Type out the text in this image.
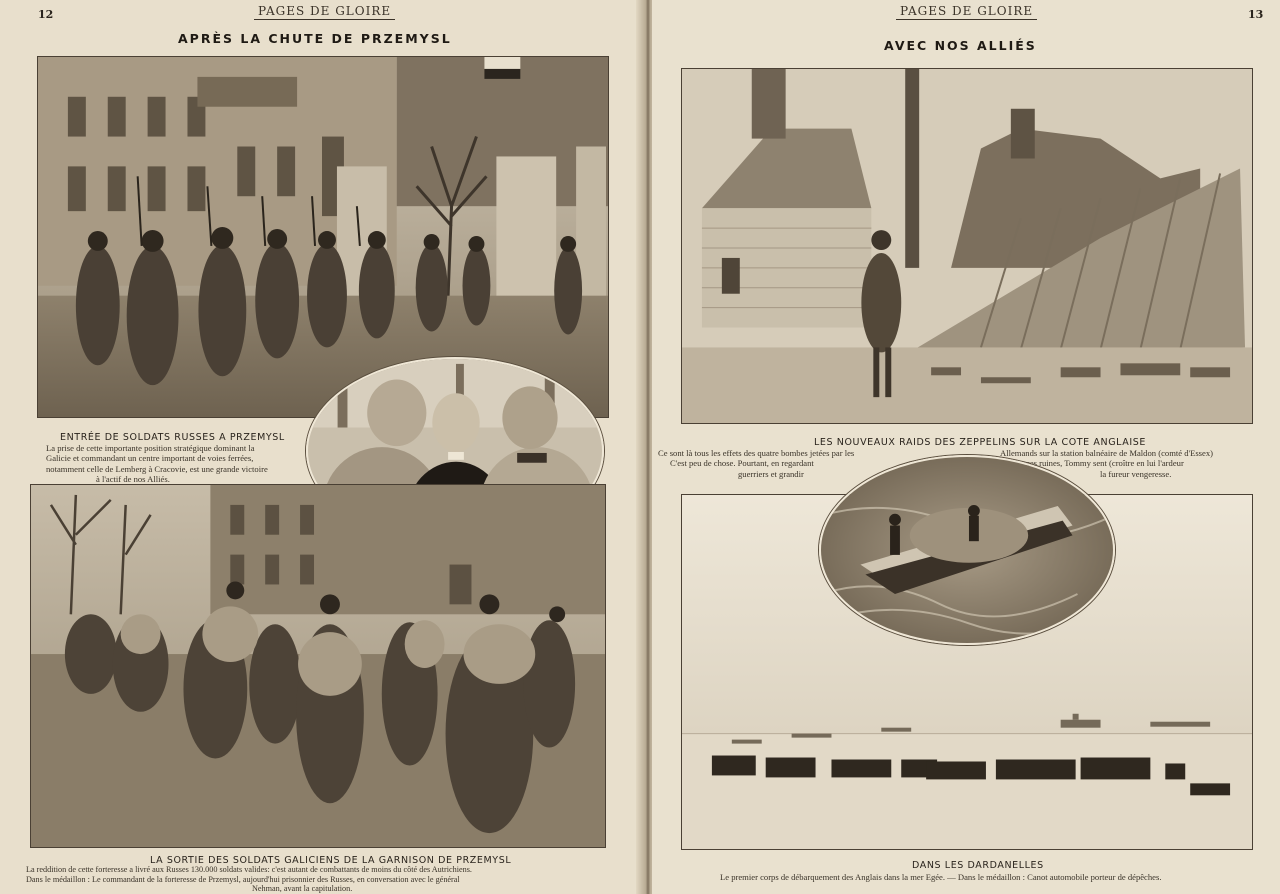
12	PAGES DE GLOIRE
APRÈS LA CHUTE DE PRZEMYSL
ENTRÉE DE SOLDATS RUSSES A PRZEMYSL
La prise de cette importante position stratégique dominant la
Galicie et commandant un centre important de voies ferrées,
notamment celle de Lemberg à Cracovie, est une grande victoire
à l'actif de nos Alliés.
LA SORTIE DES SOLDATS GALICIENS DE LA GARNISON DE PRZEMYSL
La reddition de cette forteresse a livré aux Russes 130.000 soldats valides: c'est autant de combattants de moins du côté des Autrichiens.
Dans le médaillon : Le commandant de la forteresse de Przemysl, aujourd'hui prisonnier des Russes, en conversation avec le général
Nehman, avant la capitulation.
PAGES DE GLOIRE	13
AVEC NOS ALLIÉS
LES NOUVEAUX RAIDS DES ZEPPELINS SUR LA COTE ANGLAISE
Ce sont là tous les effets des quatre bombes jetées par les
C'est peu de chose. Pourtant, en regardant
guerriers et grandir
Allemands sur la station balnéaire de Maldon (comté d'Essex)
ces ruines, Tommy sent (croître en lui l'ardeur
la fureur vengeresse.
DANS LES DARDANELLES
Le premier corps de débarquement des Anglais dans la mer Egée. — Dans le médaillon : Canot automobile porteur de dépêches.
